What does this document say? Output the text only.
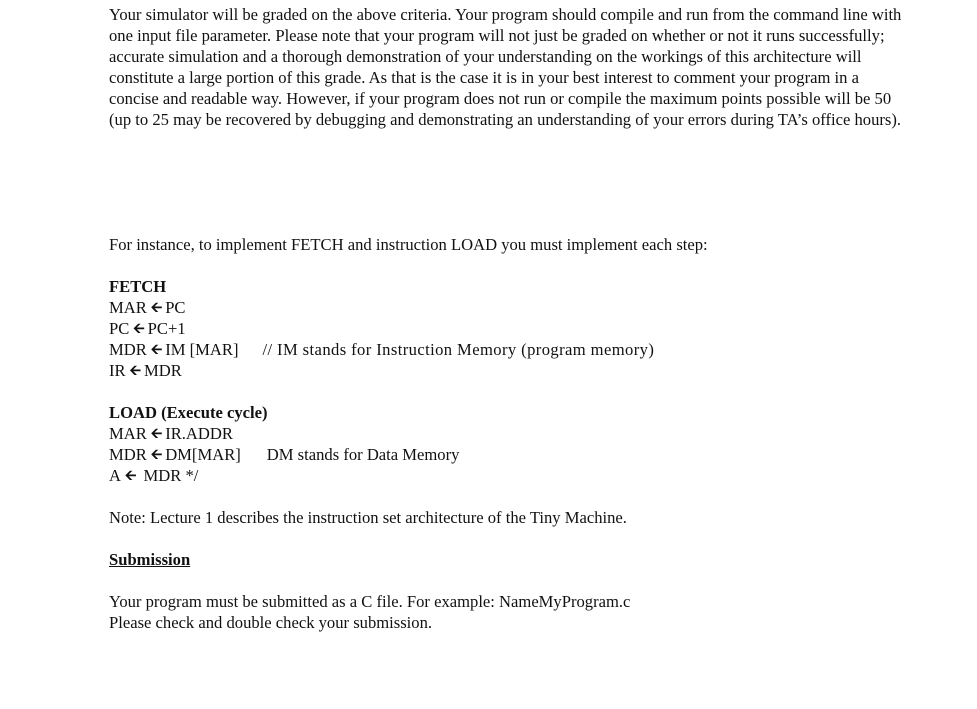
Your simulator will be graded on the above criteria. Your program should compile and run from the command line with one input file parameter. Please note that your program will not just be graded on whether or not it runs successfully; accurate simulation and a thorough demonstration of your understanding on the workings of this architecture will constitute a large portion of this grade. As that is the case it is in your best interest to comment your program in a concise and readable way. However, if your program does not run or compile the maximum points possible will be 50 (up to 25 may be recovered by debugging and demonstrating an understanding of your errors during TA’s office hours).

For instance, to implement FETCH and instruction LOAD you must implement each step:
FETCH
MAR 🡨 PC
PC 🡨 PC+1
MDR 🡨 IM [MAR] // IM stands for Instruction Memory (program memory)
IR 🡨 MDR
LOAD (Execute cycle)
MAR 🡨 IR.ADDR
MDR 🡨 DM[MAR] DM stands for Data Memory
A 🡨 MDR */
Note: Lecture 1 describes the instruction set architecture of the Tiny Machine.
Submission
Your program must be submitted as a C file. For example: NameMyProgram.c
Please check and double check your submission.
